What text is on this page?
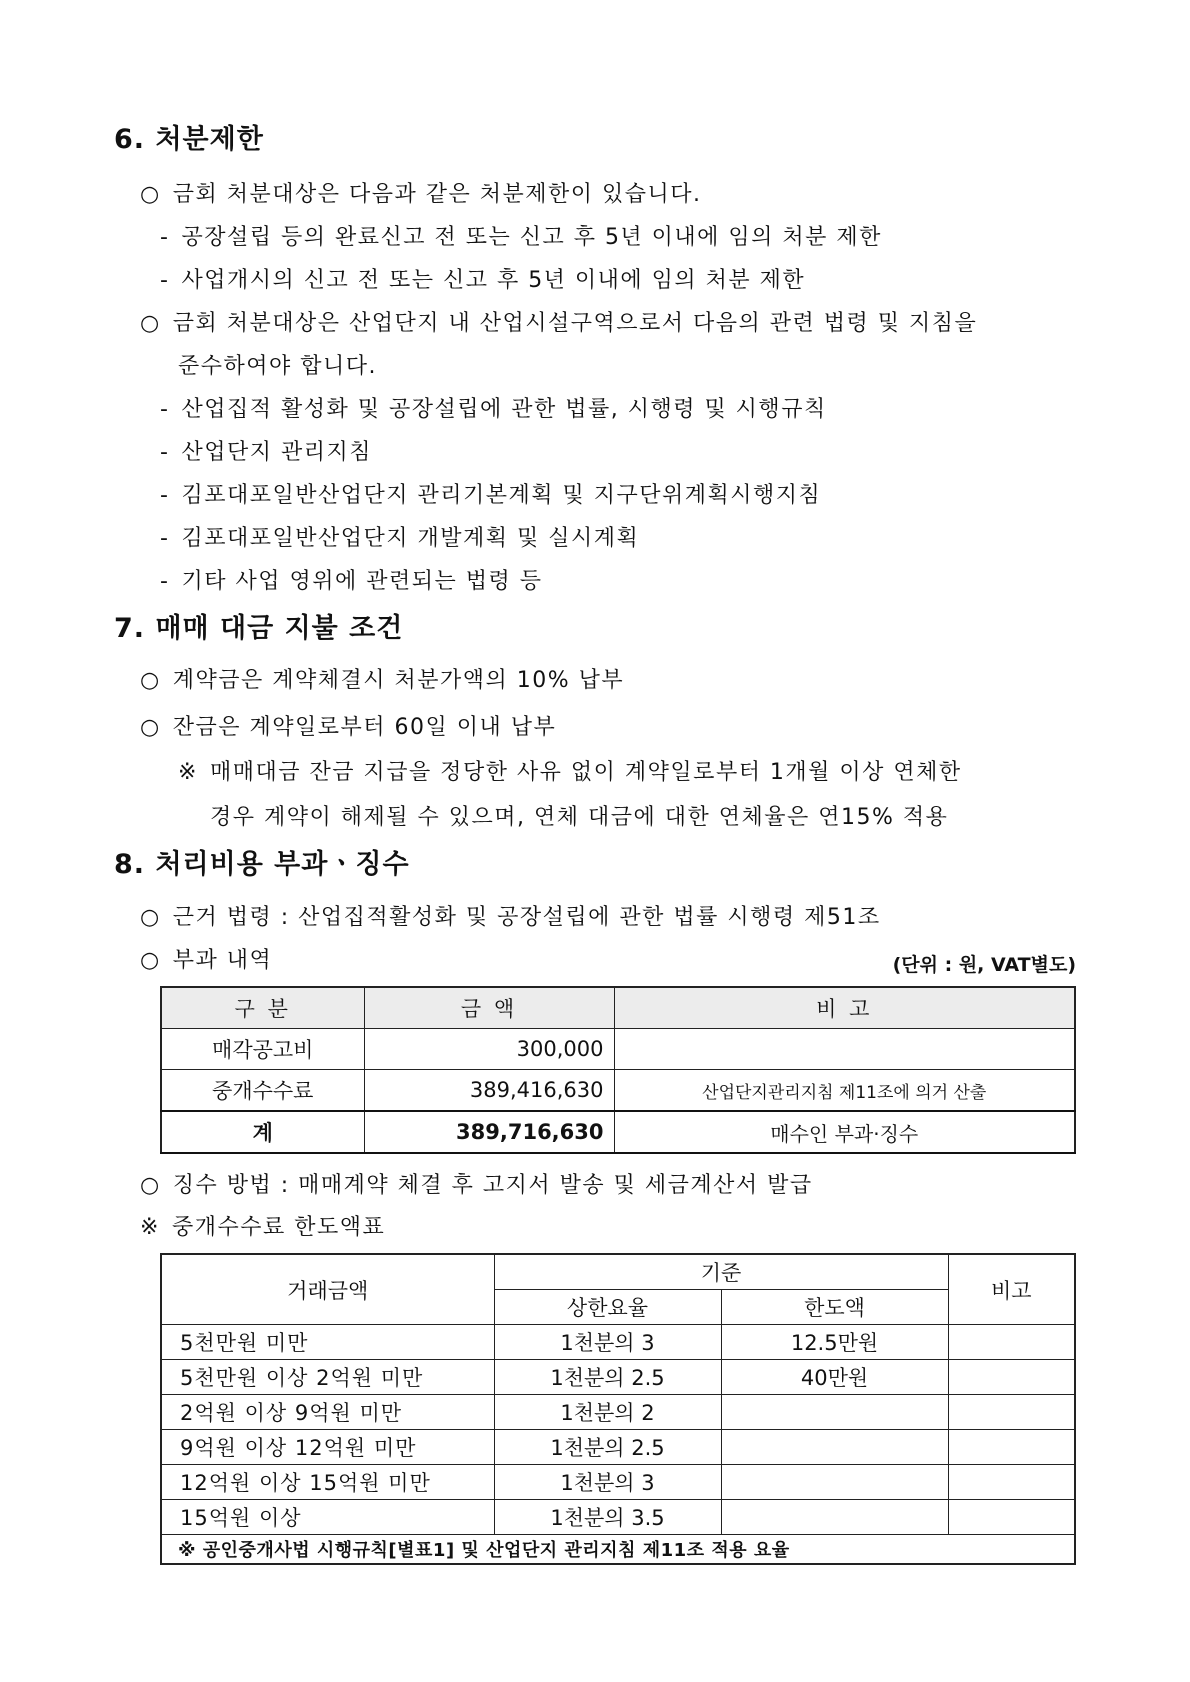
6. 처분제한

○ 금회 처분대상은 다음과 같은 처분제한이 있습니다.

- 공장설립 등의 완료신고 전 또는 신고 후 5년 이내에 임의 처분 제한

- 사업개시의 신고 전 또는 신고 후 5년 이내에 임의 처분 제한

○ 금회 처분대상은 산업단지 내 산업시설구역으로서 다음의 관련 법령 및 지침을

준수하여야 합니다.

- 산업집적 활성화 및 공장설립에 관한 법률, 시행령 및 시행규칙

- 산업단지 관리지침

- 김포대포일반산업단지 관리기본계획 및 지구단위계획시행지침

- 김포대포일반산업단지 개발계획 및 실시계획

- 기타 사업 영위에 관련되는 법령 등

7. 매매 대금 지불 조건

○ 계약금은 계약체결시 처분가액의 10% 납부

○ 잔금은 계약일로부터 60일 이내 납부

※ 매매대금 잔금 지급을 정당한 사유 없이 계약일로부터 1개월 이상 연체한

경우 계약이 해제될 수 있으며, 연체 대금에 대한 연체율은 연15% 적용

8. 처리비용 부과ㆍ징수

○ 근거 법령 : 산업집적활성화 및 공장설립에 관한 법률 시행령 제51조

○ 부과 내역	(단위 : 원, VAT별도)

구 분	금 액	비 고
매각공고비	300,000	
중개수수료	389,416,630	산업단지관리지침 제11조에 의거 산출
계	389,716,630	매수인 부과·징수

○ 징수 방법 : 매매계약 체결 후 고지서 발송 및 세금계산서 발급

※ 중개수수료 한도액표

거래금액	기준		비고
	상한요율	한도액	
5천만원 미만	1천분의 3	12.5만원	
5천만원 이상 2억원 미만	1천분의 2.5	40만원	
2억원 이상 9억원 미만	1천분의 2		
9억원 이상 12억원 미만	1천분의 2.5		
12억원 이상 15억원 미만	1천분의 3		
15억원 이상	1천분의 3.5		
※ 공인중개사법 시행규칙[별표1] 및 산업단지 관리지침 제11조 적용 요율			
